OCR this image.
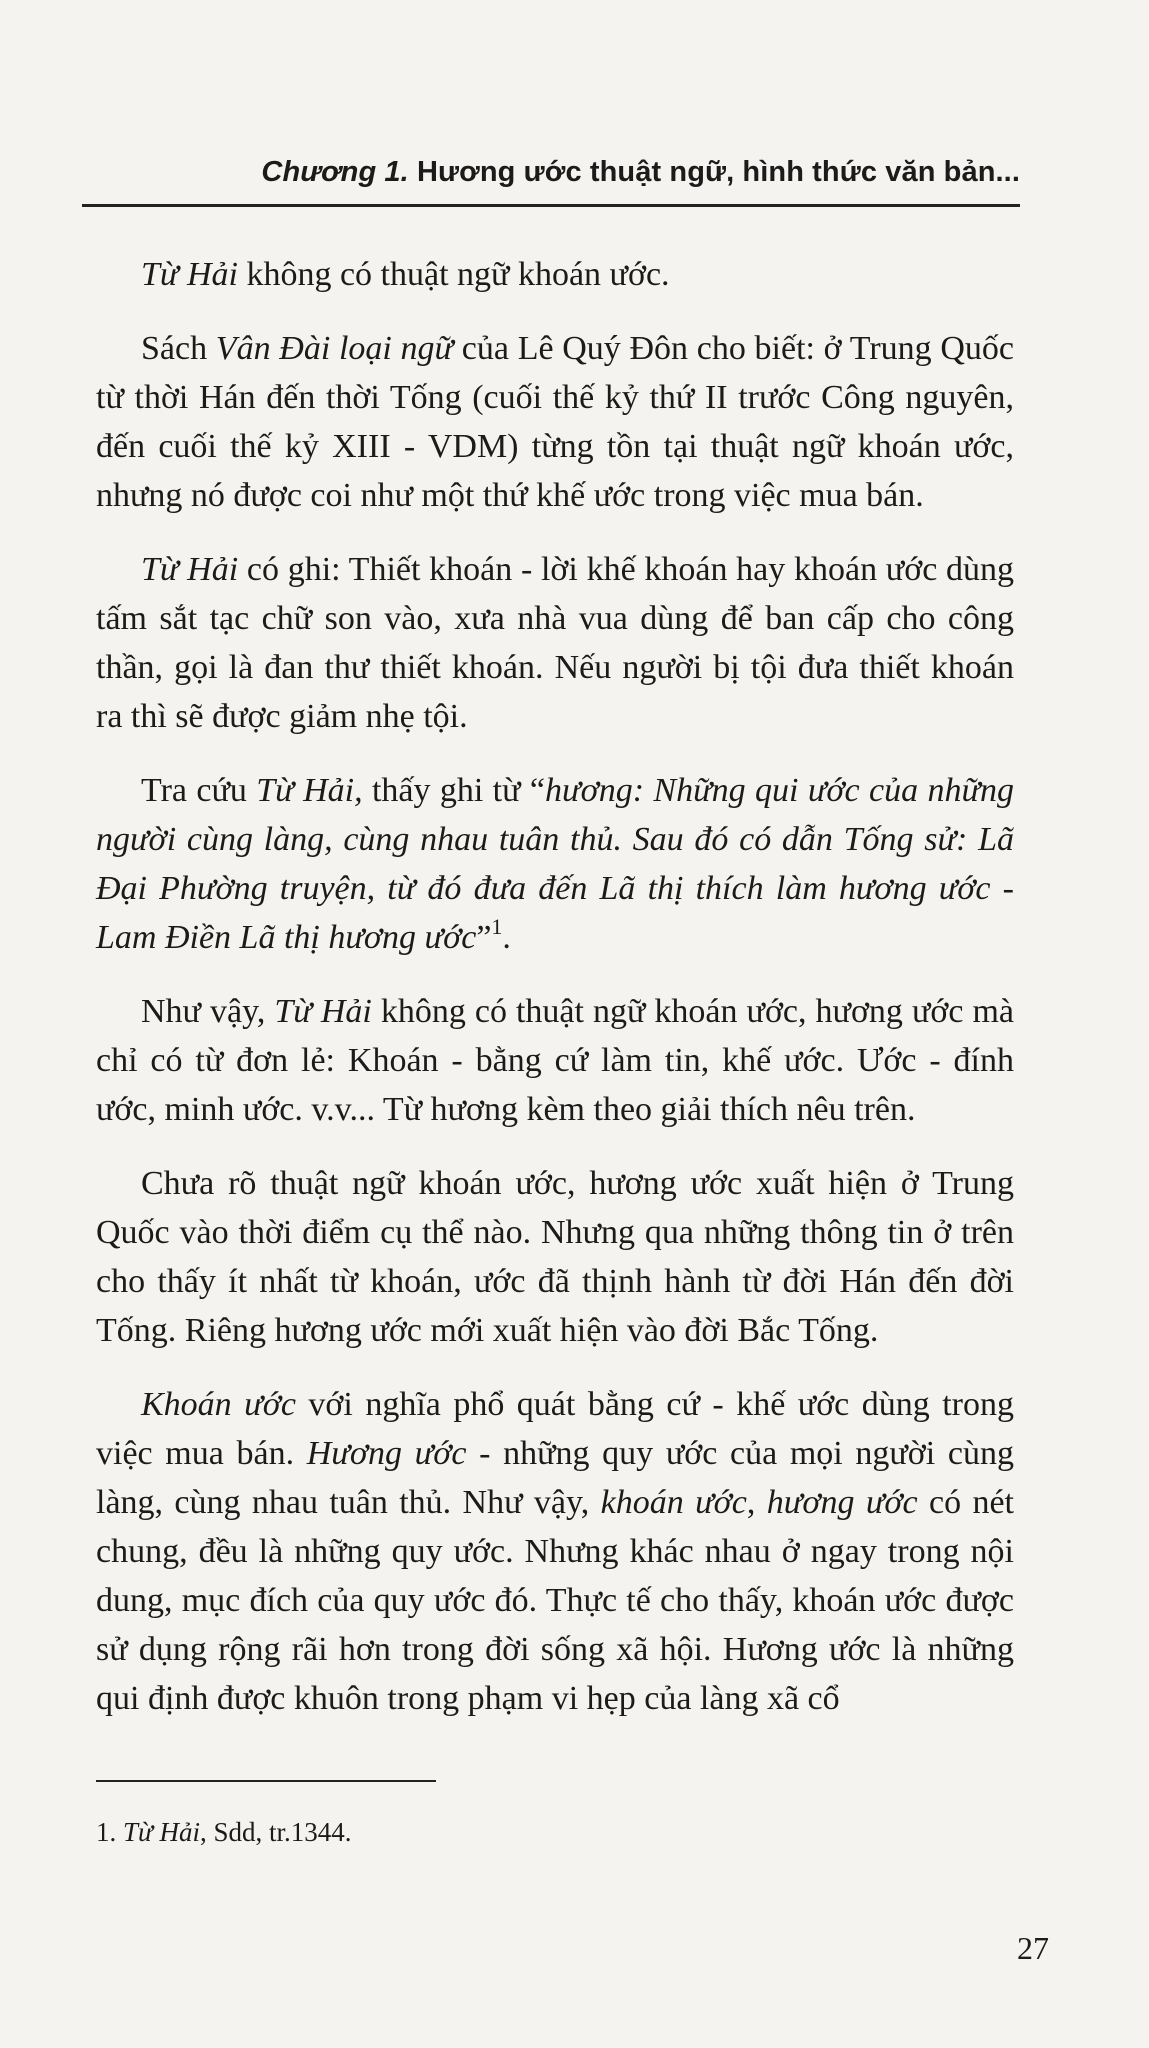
Chương 1. Hương ước thuật ngữ, hình thức văn bản...

Từ Hải không có thuật ngữ khoán ước.

Sách Vân Đài loại ngữ của Lê Quý Đôn cho biết: ở Trung Quốc từ thời Hán đến thời Tống (cuối thế kỷ thứ II trước Công nguyên, đến cuối thế kỷ XIII - VDM) từng tồn tại thuật ngữ khoán ước, nhưng nó được coi như một thứ khế ước trong việc mua bán.

Từ Hải có ghi: Thiết khoán - lời khế khoán hay khoán ước dùng tấm sắt tạc chữ son vào, xưa nhà vua dùng để ban cấp cho công thần, gọi là đan thư thiết khoán. Nếu người bị tội đưa thiết khoán ra thì sẽ được giảm nhẹ tội.

Tra cứu Từ Hải, thấy ghi từ “hương: Những qui ước của những người cùng làng, cùng nhau tuân thủ. Sau đó có dẫn Tống sử: Lã Đại Phường truyện, từ đó đưa đến Lã thị thích làm hương ước - Lam Điền Lã thị hương ước”$^1$.

Như vậy, Từ Hải không có thuật ngữ khoán ước, hương ước mà chỉ có từ đơn lẻ: Khoán - bằng cứ làm tin, khế ước. Ước - đính ước, minh ước. v.v... Từ hương kèm theo giải thích nêu trên.

Chưa rõ thuật ngữ khoán ước, hương ước xuất hiện ở Trung Quốc vào thời điểm cụ thể nào. Nhưng qua những thông tin ở trên cho thấy ít nhất từ khoán, ước đã thịnh hành từ đời Hán đến đời Tống. Riêng hương ước mới xuất hiện vào đời Bắc Tống.

Khoán ước với nghĩa phổ quát bằng cứ - khế ước dùng trong việc mua bán. Hương ước - những quy ước của mọi người cùng làng, cùng nhau tuân thủ. Như vậy, khoán ước, hương ước có nét chung, đều là những quy ước. Nhưng khác nhau ở ngay trong nội dung, mục đích của quy ước đó. Thực tế cho thấy, khoán ước được sử dụng rộng rãi hơn trong đời sống xã hội. Hương ước là những qui định được khuôn trong phạm vi hẹp của làng xã cổ

1. Từ Hải, Sdd, tr.1344.
27
